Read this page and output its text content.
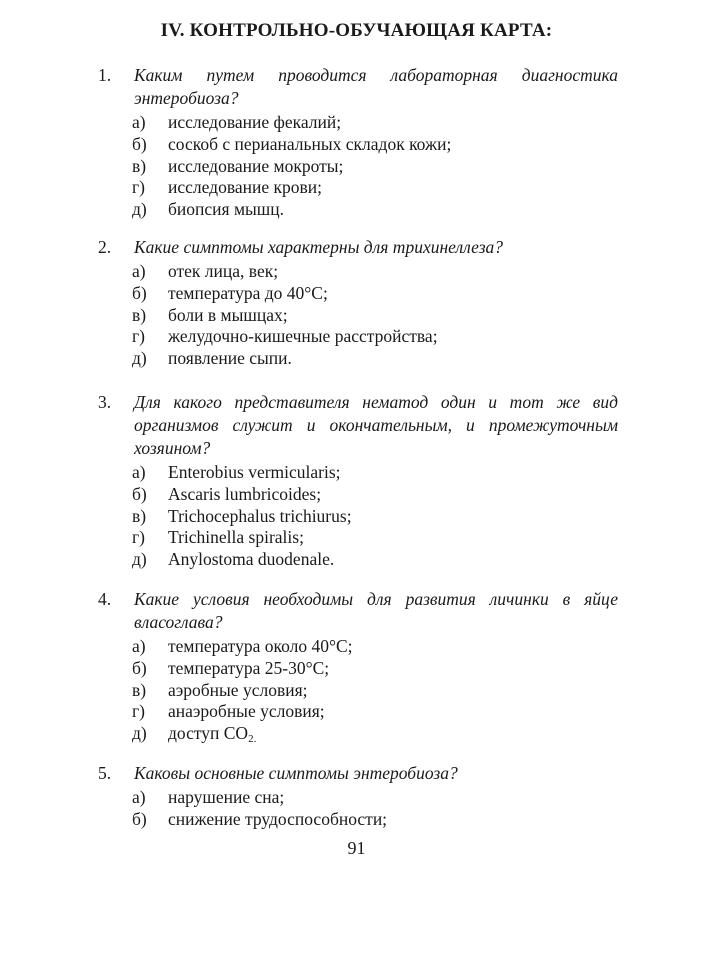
IV. КОНТРОЛЬНО-ОБУЧАЮЩАЯ КАРТА:
1. Каким путем проводится лабораторная диагностика энтеробиоза?
а) исследование фекалий;
б) соскоб с перианальных складок кожи;
в) исследование мокроты;
г) исследование крови;
д) биопсия мышц.
2. Какие симптомы характерны для трихинеллеза?
а) отек лица, век;
б) температура до 40°С;
в) боли в мышцах;
г) желудочно-кишечные расстройства;
д) появление сыпи.
3. Для какого представителя нематод один и тот же вид организмов служит и окончательным, и промежуточным хозяином?
а) Enterobius vermicularis;
б) Ascaris lumbricoides;
в) Trichocephalus trichiurus;
г) Trichinella spiralis;
д) Anylostoma duodenale.
4. Какие условия необходимы для развития личинки в яйце власоглава?
а) температура около 40°С;
б) температура 25-30°С;
в) аэробные условия;
г) анаэробные условия;
д) доступ $CO_{2.}$
5. Каковы основные симптомы энтеробиоза?
а) нарушение сна;
б) снижение трудоспособности;
91
